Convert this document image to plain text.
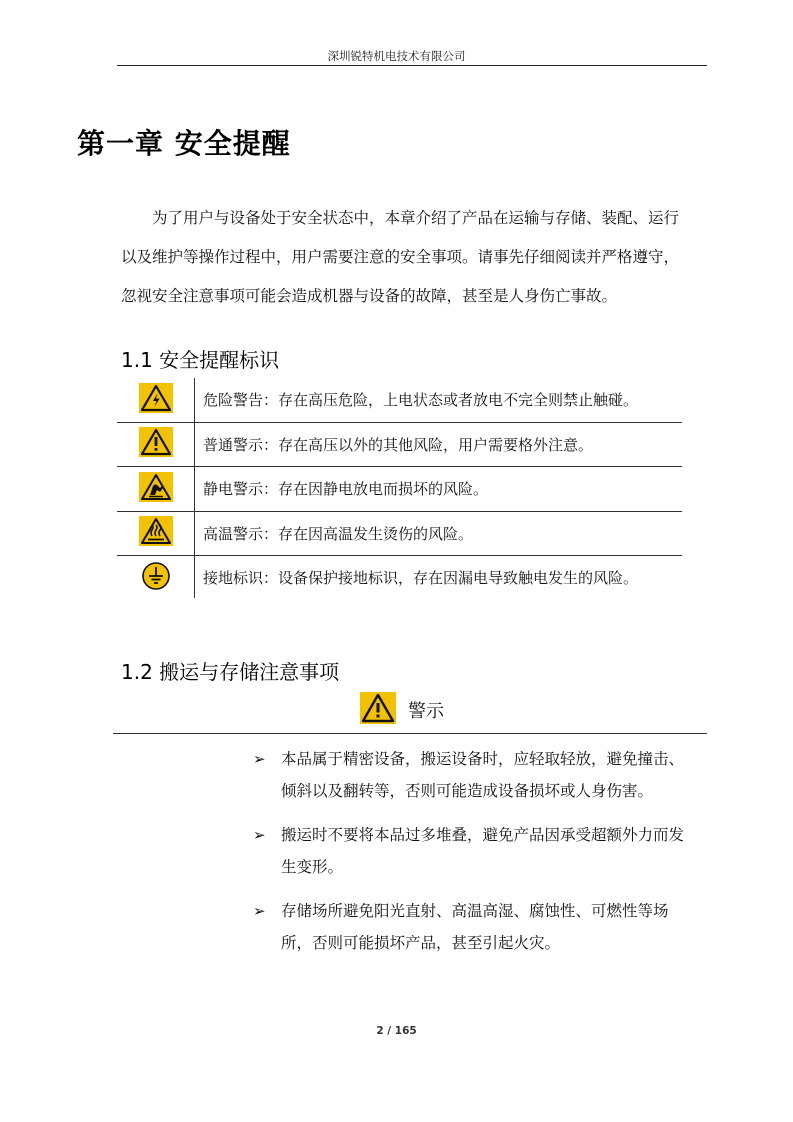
深圳锐特机电技术有限公司
第一章 安全提醒
为了用户与设备处于安全状态中，本章介绍了产品在运输与存储、装配、运行
以及维护等操作过程中，用户需要注意的安全事项。请事先仔细阅读并严格遵守，
忽视安全注意事项可能会造成机器与设备的故障，甚至是人身伤亡事故。
1.1 安全提醒标识
危险警告：存在高压危险，上电状态或者放电不完全则禁止触碰。
普通警示：存在高压以外的其他风险，用户需要格外注意。
静电警示：存在因静电放电而损坏的风险。
高温警示：存在因高温发生烫伤的风险。
接地标识：设备保护接地标识，存在因漏电导致触电发生的风险。
1.2 搬运与存储注意事项
警示
➢ 本品属于精密设备，搬运设备时，应轻取轻放，避免撞击、
倾斜以及翻转等，否则可能造成设备损坏或人身伤害。
➢ 搬运时不要将本品过多堆叠，避免产品因承受超额外力而发
生变形。
➢ 存储场所避免阳光直射、高温高湿、腐蚀性、可燃性等场
所，否则可能损坏产品，甚至引起火灾。
2 / 165
